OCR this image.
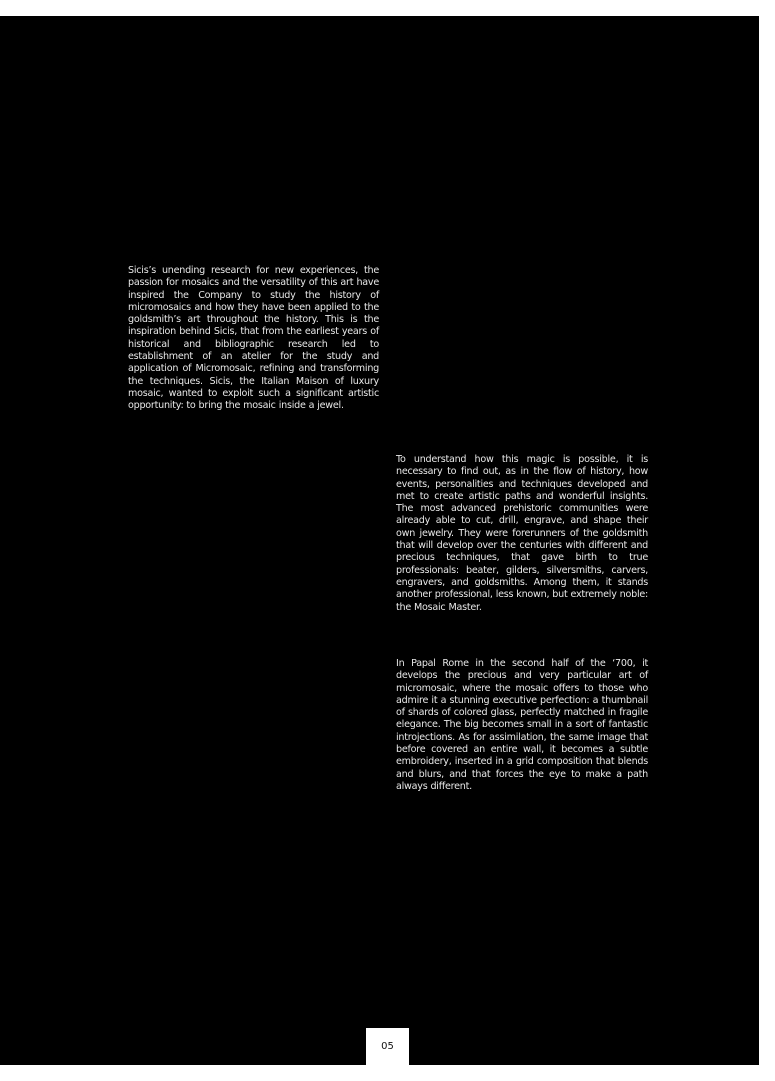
Sicis’s unending research for new experiences, the passion for mosaics and the versatility of this art have inspired the Company to study the history of micromosaics and how they have been applied to the goldsmith’s art throughout the history. This is the inspiration behind Sicis, that from the earliest years of historical and bibliographic research led to establishment of an atelier for the study and application of Micromosaic, refining and transforming the techniques. Sicis, the Italian Maison of luxury mosaic, wanted to exploit such a significant artistic opportunity: to bring the mosaic inside a jewel.

To understand how this magic is possible, it is necessary to find out, as in the flow of history, how events, personalities and techniques developed and met to create artistic paths and wonderful insights. The most advanced prehistoric communities were already able to cut, drill, engrave, and shape their own jewelry. They were forerunners of the goldsmith that will develop over the centuries with different and precious techniques, that gave birth to true professionals: beater, gilders, silversmiths, carvers, engravers, and goldsmiths. Among them, it stands another professional, less known, but extremely noble: the Mosaic Master.

In Papal Rome in the second half of the ‘700, it develops the precious and very particular art of micromosaic, where the mosaic offers to those who admire it a stunning executive perfection: a thumbnail of shards of colored glass, perfectly matched in fragile elegance. The big becomes small in a sort of fantastic introjections. As for assimilation, the same image that before covered an entire wall, it becomes a subtle embroidery, inserted in a grid composition that blends and blurs, and that forces the eye to make a path always different.

05
